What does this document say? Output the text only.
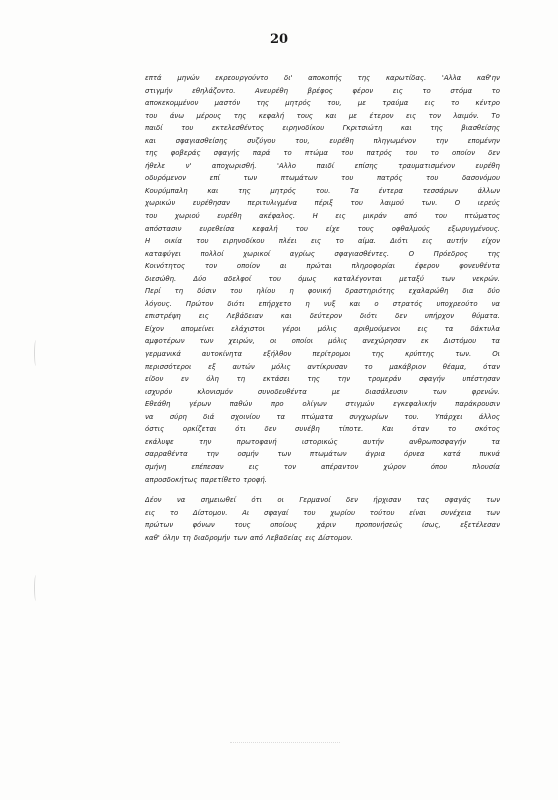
20
επτά μηνών εκρεουργούντο δι' αποκοπής της καρωτίδας. 'Αλλα καθ'ην
στιγμήν	εθηλάζοντο.	Ανευρέθη	βρέφος	φέρον	εις	το	στόμα	το
αποκεκομμένον μαστόν της μητρός του, με τραύμα εις το κέντρο
του άνω μέρους της κεφαλή τους και με έτερον εις τον λαιμόν. Το
παιδί	του	εκτελεσθέντος	ειρηνοδίκου	Γκριτσιώτη	και	της	βιασθείσης
και	σφαγιασθείσης	συζύγου	του,	ευρέθη	πληγωμένον	την	επομένην
της φοβεράς σφαγής παρά το πτώμα του πατρός του το οποίον δεν
ήθελε	ν'	αποχωρισθή.	'Αλλο	παιδί	επίσης	τραυματισμένον	ευρέθη
οδυρόμενον	επί	των	πτωμάτων	του	πατρός	του	δασονόμου
Κουρύμπαλη	και	της	μητρός	του.	Τα	έντερα	τεσσάρων	άλλων
χωρικών	ευρέθησαν	περιτυλιγμένα	πέριξ	του	λαιμού	των.	Ο	ιερεύς
του	χωριού	ευρέθη	ακέφαλος.	Η	εις	μικράν	από	του	πτώματος
απόστασιν	ευρεθείσα	κεφαλή	του	είχε	τους	οφθαλμούς	εξωρυγμένους.
Η οικία του ειρηνοδίκου πλέει εις το αίμα. Διότι εις αυτήν είχον
καταφύγει	πολλοί	χωρικοί	αγρίως	σφαγιασθέντες.	Ο	Πρόεδρος	της
Κοινότητος	τον	οποίον	αι	πρώται	πληροφορίαι	έφερον	φονευθέντα
διεσώθη. Δύο αδελφοί του όμως καταλέγονται μεταξύ των νεκρών.
Περί τη δύσιν του ηλίου η φονική δραστηριότης εχαλαρώθη δια δύο
λόγους. Πρώτον διότι επήρχετο η νυξ και ο στρατός υποχρεούτο να
επιστρέψη	εις	Λεβάδειαν	και	δεύτερον	διότι	δεν	υπήρχον	θύματα.
Είχον απομείνει ελάχιστοι γέροι μόλις αριθμούμενοι εις τα δάκτυλα
αμφοτέρων των χειρών, οι οποίοι μόλις ανεχώρησαν εκ Διστόμου τα
γερμανικά	αυτοκίνητα	εξήλθον	περίτρομοι	της	κρύπτης	των.	Οι
περισσότεροι εξ αυτών μόλις αντίκρυσαν το μακάβριον θέαμα, όταν
είδον	εν	όλη	τη	εκτάσει	της	την	τρομεράν	σφαγήν	υπέστησαν
ισχυρόν	κλονισμόν	συνοδευθέντα	με	διασάλευσιν	των	φρενών.
Εθεάθη	γέρων	παθών	προ	ολίγων	στιγμών	εγκεφαλικήν	παράκρουσιν
να σύρη διά σχοινίου τα πτώματα συγχωρίων του. Υπάρχει άλλος
όστις	ορκίζεται	ότι	δεν	συνέβη	τίποτε.	Και	όταν	το	σκότος
εκάλυψε	την	πρωτοφανή	ιστορικώς	αυτήν	ανθρωποσφαγήν	τα
σαρραθέντα	την	οσμήν	των	πτωμάτων	άγρια	όρνεα	κατά	πυκνά
σμήνη	επέπεσαν	εις	τον	απέραντον	χώρον	όπου	πλουσία
απροσδοκήτως παρετίθετο τροφή.
Δέον να σημειωθεί ότι οι Γερμανοί δεν ήρχισαν τας σφαγάς των
εις το Δίστομον. Αι σφαγαί του χωρίου τούτου είναι συνέχεια των
πρώτων	φόνων	τους	οποίους	χάριν	προπονήσεώς	ίσως,	εξετέλεσαν
καθ' όλην τη διαδρομήν των από Λεβαδείας εις Δίστομον.
